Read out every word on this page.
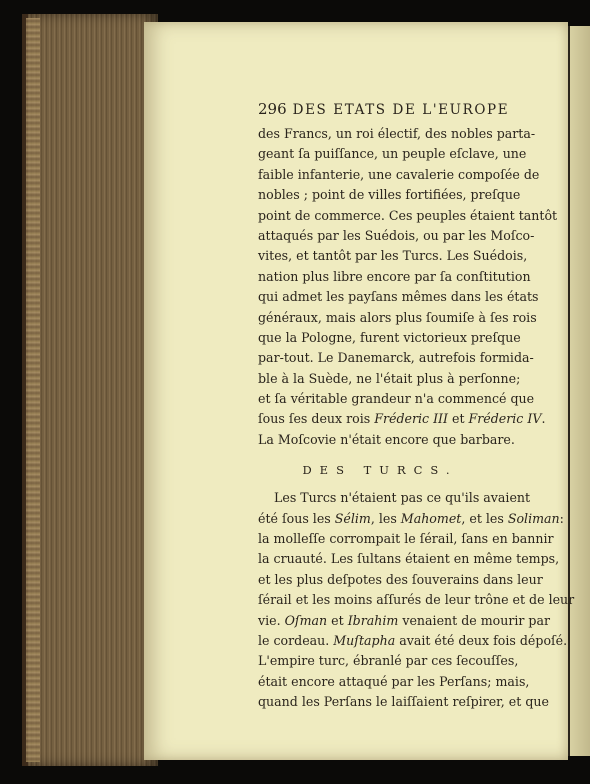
296 DES ETATS DE L'EUROPE
des Francs, un roi électif, des nobles parta-
geant ſa puiſſance, un peuple eſclave, une
faible infanterie, une cavalerie compoſée de
nobles ; point de villes fortifiées, preſque
point de commerce. Ces peuples étaient tantôt
attaqués par les Suédois, ou par les Moſco-
vites, et tantôt par les Turcs. Les Suédois,
nation plus libre encore par ſa conſtitution
qui admet les payſans mêmes dans les états
généraux, mais alors plus ſoumiſe à ſes rois
que la Pologne, furent victorieux preſque
par-tout. Le Danemarck, autrefois formida-
ble à la Suède, ne l'était plus à perſonne;
et ſa véritable grandeur n'a commencé que
ſous ſes deux rois Fréderic III et Fréderic IV.
La Moſcovie n'était encore que barbare.
DES TURCS.
Les Turcs n'étaient pas ce qu'ils avaient
été ſous les Sélim, les Mahomet, et les Soliman:
la molleſſe corrompait le ſérail, ſans en bannir
la cruauté. Les ſultans étaient en même temps,
et les plus deſpotes des ſouverains dans leur
ſérail et les moins aſſurés de leur trône et de leur
vie. Oſman et Ibrahim venaient de mourir par
le cordeau. Muſtapha avait été deux fois dépoſé.
L'empire turc, ébranlé par ces ſecouſſes,
était encore attaqué par les Perſans; mais,
quand les Perſans le laiſſaient reſpirer, et que
